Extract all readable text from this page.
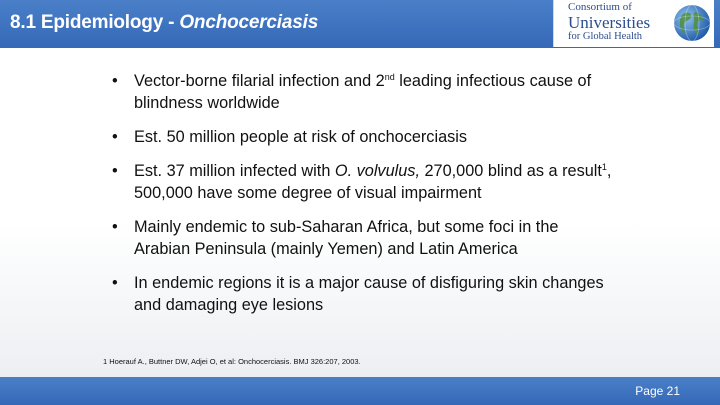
8.1 Epidemiology - Onchocerciasis
Consortium of
Universities
for Global Health
• Vector-borne filarial infection and 2nd leading infectious cause of blindness worldwide
• Est. 50 million people at risk of onchocerciasis
• Est. 37 million infected with O. volvulus, 270,000 blind as a result$^1$, 500,000 have some degree of visual impairment
• Mainly endemic to sub-Saharan Africa, but some foci in the Arabian Peninsula (mainly Yemen) and Latin America
• In endemic regions it is a major cause of disfiguring skin changes and damaging eye lesions
1 Hoerauf A., Buttner DW, Adjei O, et al: Onchocerciasis. BMJ 326:207, 2003.
Page 21
